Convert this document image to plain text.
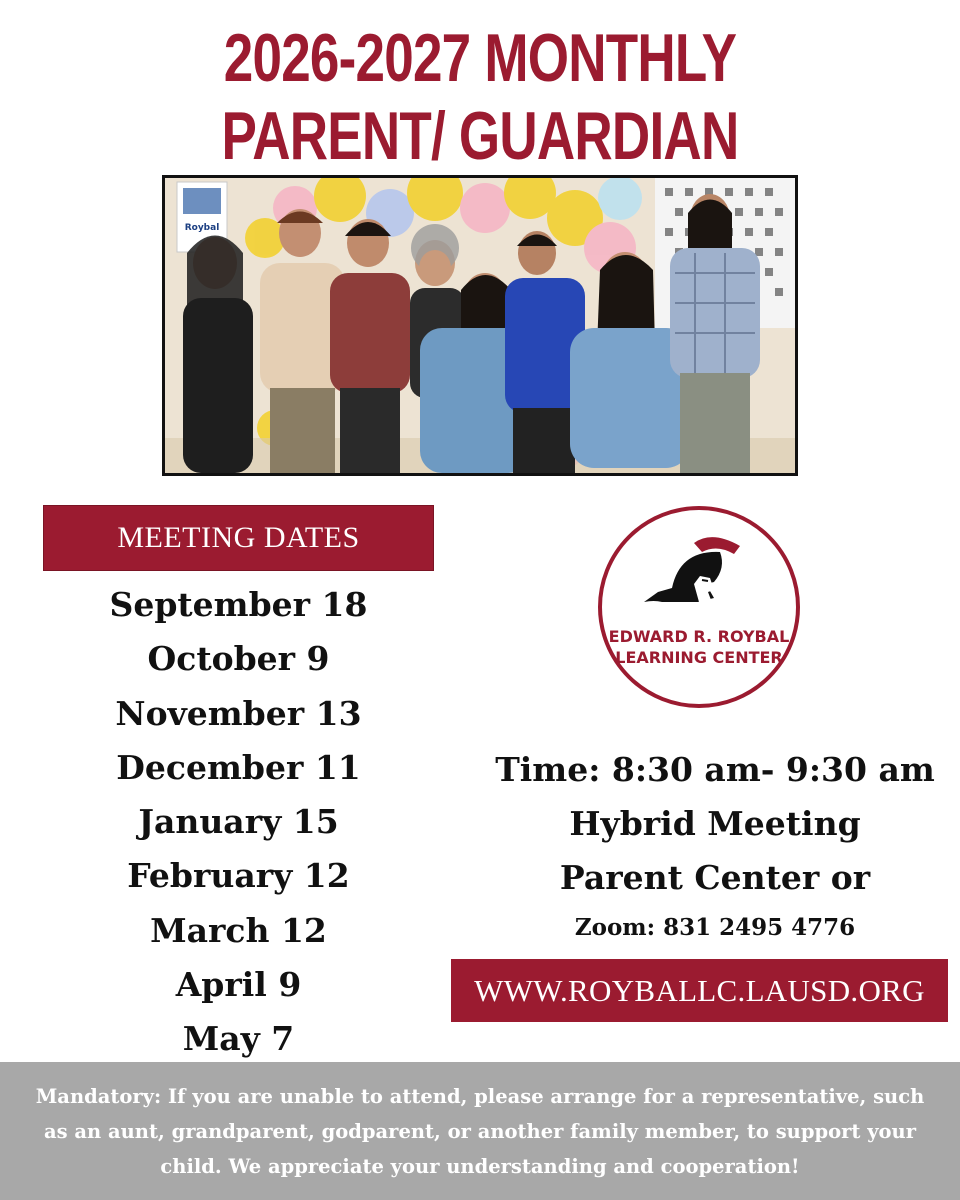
2026-2027 MONTHLY
PARENT/ GUARDIAN
Roybal
MEETING DATES
September 18
October 9
November 13
December 11
January 15
February 12
March 12
April 9
May 7
EDWARD R. ROYBAL
LEARNING CENTER
Time: 8:30 am- 9:30 am
Hybrid Meeting
Parent Center or
Zoom: 831 2495 4776
WWW.ROYBALLC.LAUSD.ORG

Mandatory: If you are unable to attend, please arrange for a representative, such as an aunt, grandparent, godparent, or another family member, to support your child. We appreciate your understanding and cooperation!
